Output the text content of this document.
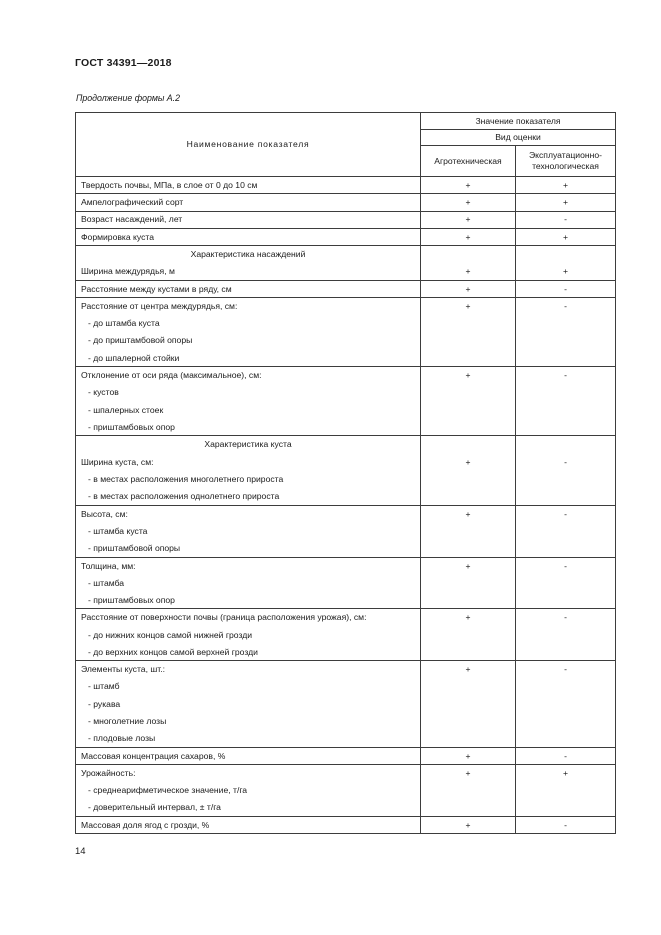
ГОСТ 34391—2018
Продолжение формы А.2
Наименование показателя	Значение показателя	
	Вид оценки	
	Агротехническая	Эксплуатационно-технологическая
Твердость почвы, МПа, в слое от 0 до 10 см	+	+
Ампелографический сорт	+	+
Возраст насаждений, лет	+	-
Формировка куста	+	+
Характеристика насаждений		
Ширина междурядья, м	+	+
Расстояние между кустами в ряду, см	+	-
Расстояние от центра междурядья, см:	+	-
- до штамба куста		
- до приштамбовой опоры		
- до шпалерной стойки		
Отклонение от оси ряда (максимальное), см:	+	-
- кустов		
- шпалерных стоек		
- приштамбовых опор		
Характеристика куста		
Ширина куста, см:	+	-
- в местах расположения многолетнего прироста		
- в местах расположения однолетнего прироста		
Высота, см:	+	-
- штамба куста		
- приштамбовой опоры		
Толщина, мм:	+	-
- штамба		
- приштамбовых опор		
Расстояние от поверхности почвы (граница расположения урожая), см:	+	-
- до нижних концов самой нижней грозди		
- до верхних концов самой верхней грозди		
Элементы куста, шт.:	+	-
- штамб		
- рукава		
- многолетние лозы		
- плодовые лозы		
Массовая концентрация сахаров, %	+	-
Урожайность:	+	+
- среднеарифметическое значение, т/га		
- доверительный интервал, ± т/га		
Массовая доля ягод с грозди, %	+	-
14
